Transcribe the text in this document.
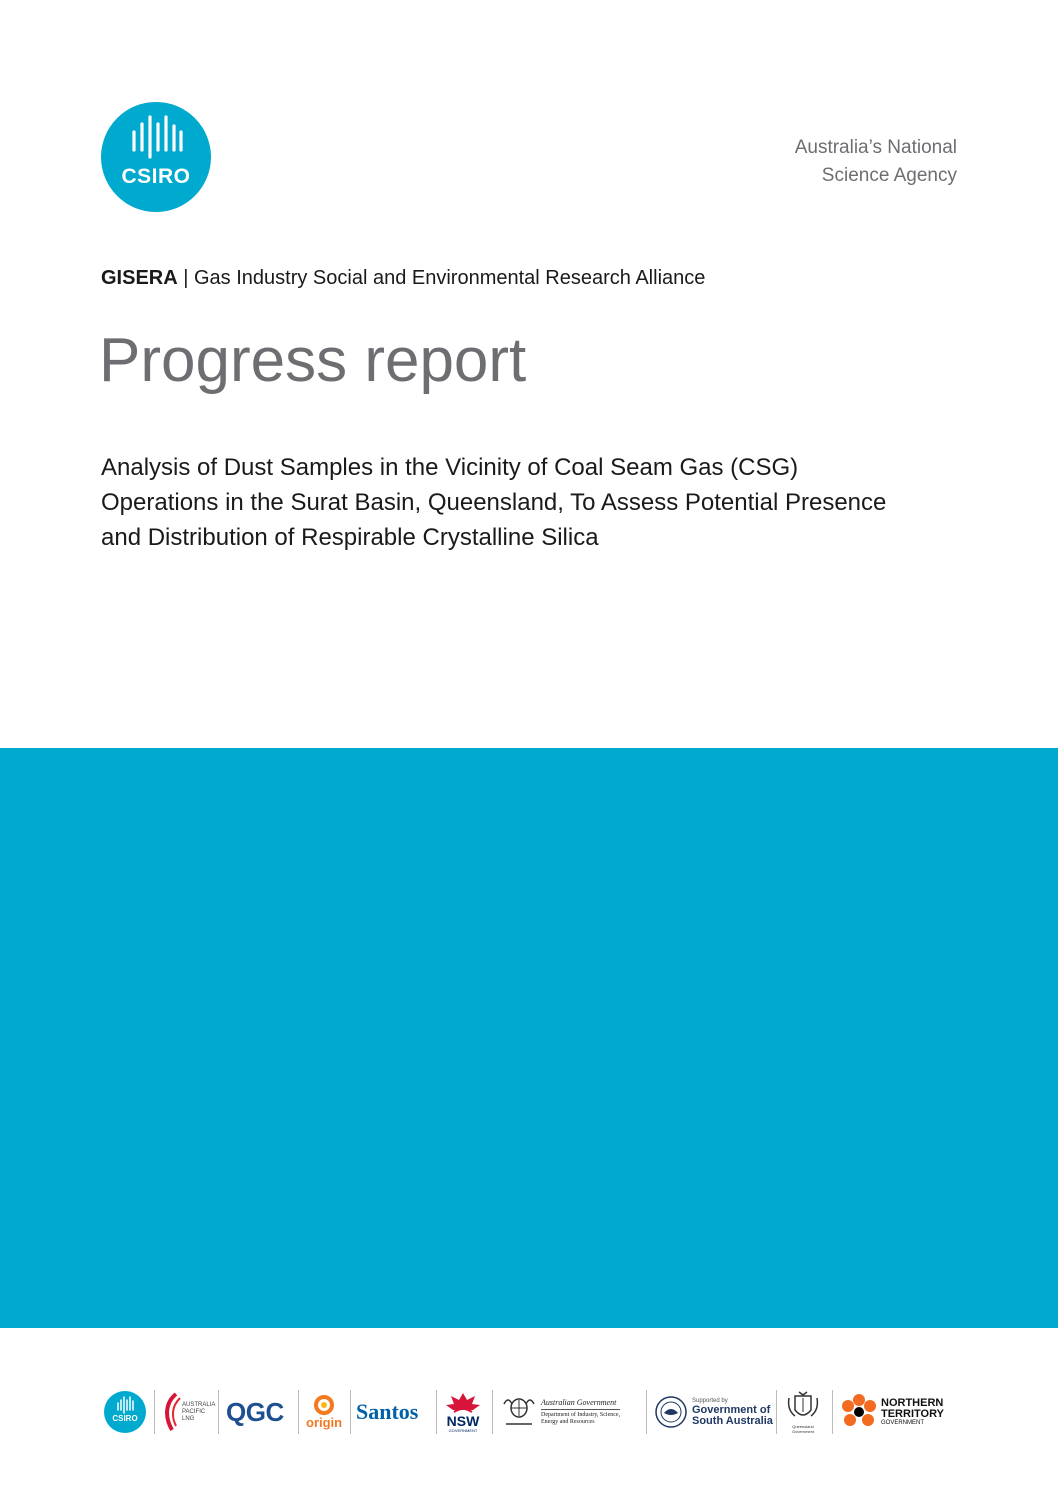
CSIRO
Australia’s National
Science Agency
GISERA | Gas Industry Social and Environmental Research Alliance
Progress report
Analysis of Dust Samples in the Vicinity of Coal Seam Gas (CSG)
Operations in the Surat Basin, Queensland, To Assess Potential Presence
and Distribution of Respirable Crystalline Silica
CSIRO
AUSTRALIA PACIFIC LNG	QGC origin Santos NSW
GOVERNMENT
Australian Government
Department of Industry, Science,
Energy and Resources
Supported by
Government of
South Australia	Queensland Government
NORTHERN
TERRITORY
GOVERNMENT
